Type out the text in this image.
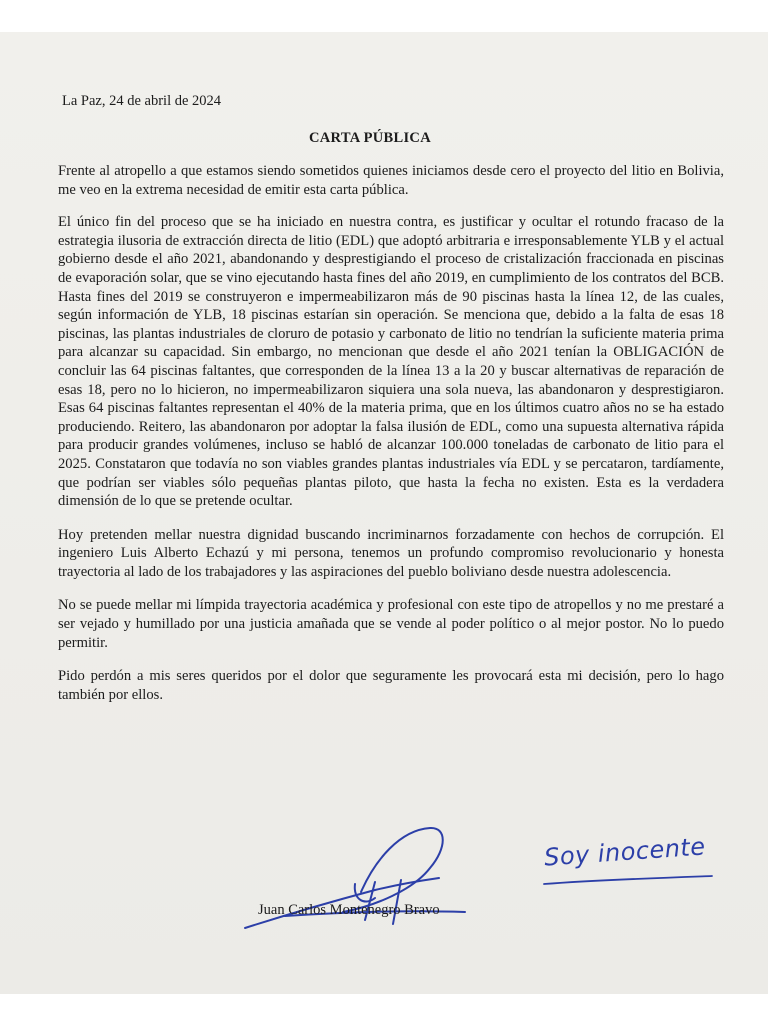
La Paz, 24 de abril de 2024
CARTA PÚBLICA

Frente al atropello a que estamos siendo sometidos quienes iniciamos desde cero el proyecto del litio en Bolivia, me veo en la extrema necesidad de emitir esta carta pública.

El único fin del proceso que se ha iniciado en nuestra contra, es justificar y ocultar el rotundo fracaso de la estrategia ilusoria de extracción directa de litio (EDL) que adoptó arbitraria e irresponsablemente YLB y el actual gobierno desde el año 2021, abandonando y desprestigiando el proceso de cristalización fraccionada en piscinas de evaporación solar, que se vino ejecutando hasta fines del año 2019, en cumplimiento de los contratos del BCB. Hasta fines del 2019 se construyeron e impermeabilizaron más de 90 piscinas hasta la línea 12, de las cuales, según información de YLB, 18 piscinas estarían sin operación. Se menciona que, debido a la falta de esas 18 piscinas, las plantas industriales de cloruro de potasio y carbonato de litio no tendrían la suficiente materia prima para alcanzar su capacidad. Sin embargo, no mencionan que desde el año 2021 tenían la OBLIGACIÓN de concluir las 64 piscinas faltantes, que corresponden de la línea 13 a la 20 y buscar alternativas de reparación de esas 18, pero no lo hicieron, no impermeabilizaron siquiera una sola nueva, las abandonaron y desprestigiaron. Esas 64 piscinas faltantes representan el 40% de la materia prima, que en los últimos cuatro años no se ha estado produciendo. Reitero, las abandonaron por adoptar la falsa ilusión de EDL, como una supuesta alternativa rápida para producir grandes volúmenes, incluso se habló de alcanzar 100.000 toneladas de carbonato de litio para el 2025. Constataron que todavía no son viables grandes plantas industriales vía EDL y se percataron, tardíamente, que podrían ser viables sólo pequeñas plantas piloto, que hasta la fecha no existen. Esta es la verdadera dimensión de lo que se pretende ocultar.

Hoy pretenden mellar nuestra dignidad buscando incriminarnos forzadamente con hechos de corrupción. El ingeniero Luis Alberto Echazú y mi persona, tenemos un profundo compromiso revolucionario y honesta trayectoria al lado de los trabajadores y las aspiraciones del pueblo boliviano desde nuestra adolescencia.

No se puede mellar mi límpida trayectoria académica y profesional con este tipo de atropellos y no me prestaré a ser vejado y humillado por una justicia amañada que se vende al poder político o al mejor postor. No lo puedo permitir.

Pido perdón a mis seres queridos por el dolor que seguramente les provocará esta mi decisión, pero lo hago también por ellos.

Juan Carlos Montenegro Bravo
Soy inocente
